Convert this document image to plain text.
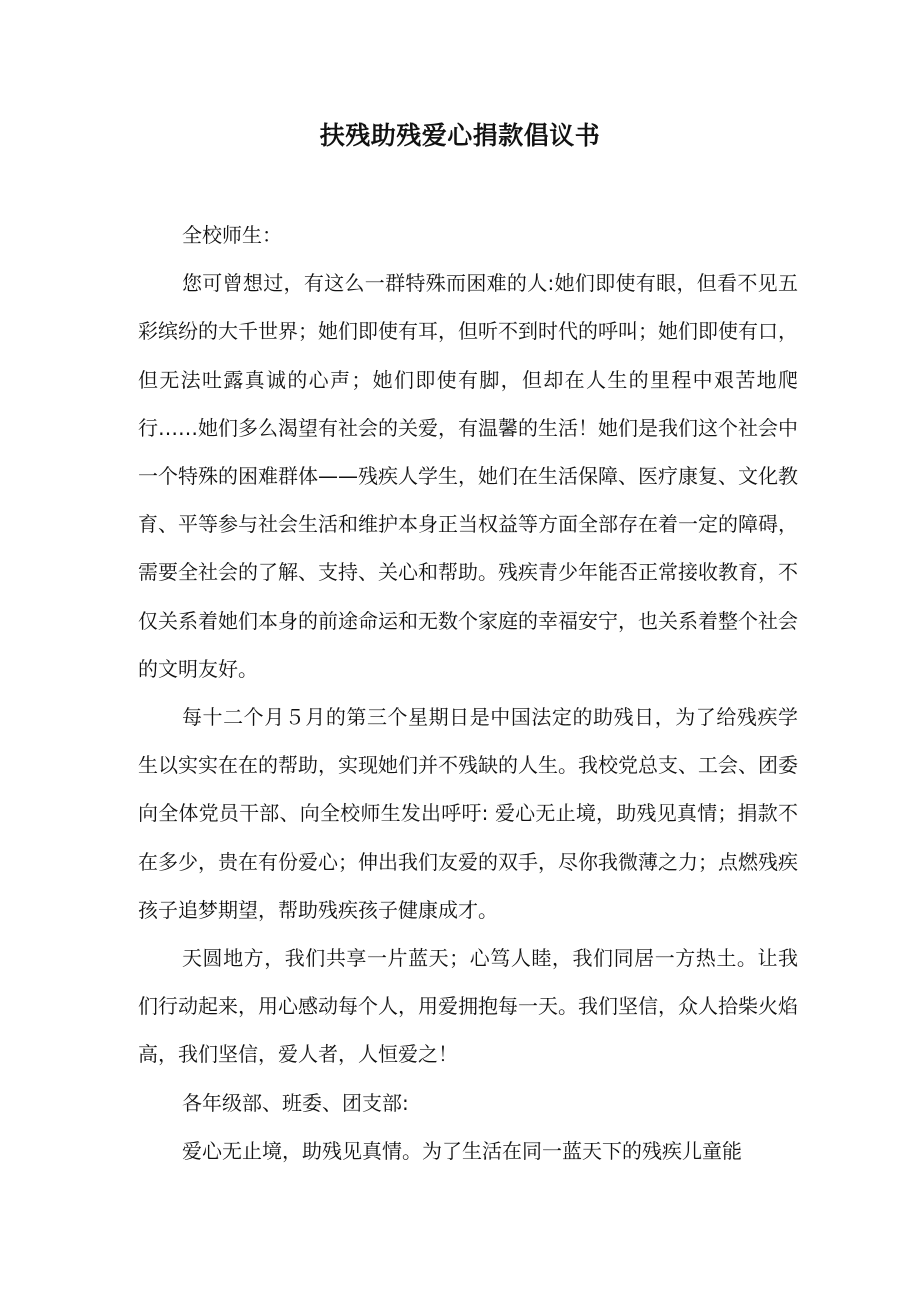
扶残助残爱心捐款倡议书

全校师生：

您可曾想过，有这么一群特殊而困难的人:她们即使有眼，但看不见五彩缤纷的大千世界；她们即使有耳，但听不到时代的呼叫；她们即使有口，但无法吐露真诚的心声；她们即使有脚，但却在人生的里程中艰苦地爬行……她们多么渴望有社会的关爱，有温馨的生活！她们是我们这个社会中一个特殊的困难群体——残疾人学生，她们在生活保障、医疗康复、文化教育、平等参与社会生活和维护本身正当权益等方面全部存在着一定的障碍，需要全社会的了解、支持、关心和帮助。残疾青少年能否正常接收教育，不仅关系着她们本身的前途命运和无数个家庭的幸福安宁，也关系着整个社会的文明友好。

每十二个月５月的第三个星期日是中国法定的助残日，为了给残疾学生以实实在在的帮助，实现她们并不残缺的人生。我校党总支、工会、团委向全体党员干部、向全校师生发出呼吁: 爱心无止境，助残见真情；捐款不在多少，贵在有份爱心；伸出我们友爱的双手，尽你我微薄之力；点燃残疾孩子追梦期望，帮助残疾孩子健康成才。

天圆地方，我们共享一片蓝天；心笃人睦，我们同居一方热土。让我们行动起来，用心感动每个人，用爱拥抱每一天。我们坚信，众人拾柴火焰高，我们坚信，爱人者，人恒爱之！

各年级部、班委、团支部:

爱心无止境，助残见真情。为了生活在同一蓝天下的残疾儿童能
